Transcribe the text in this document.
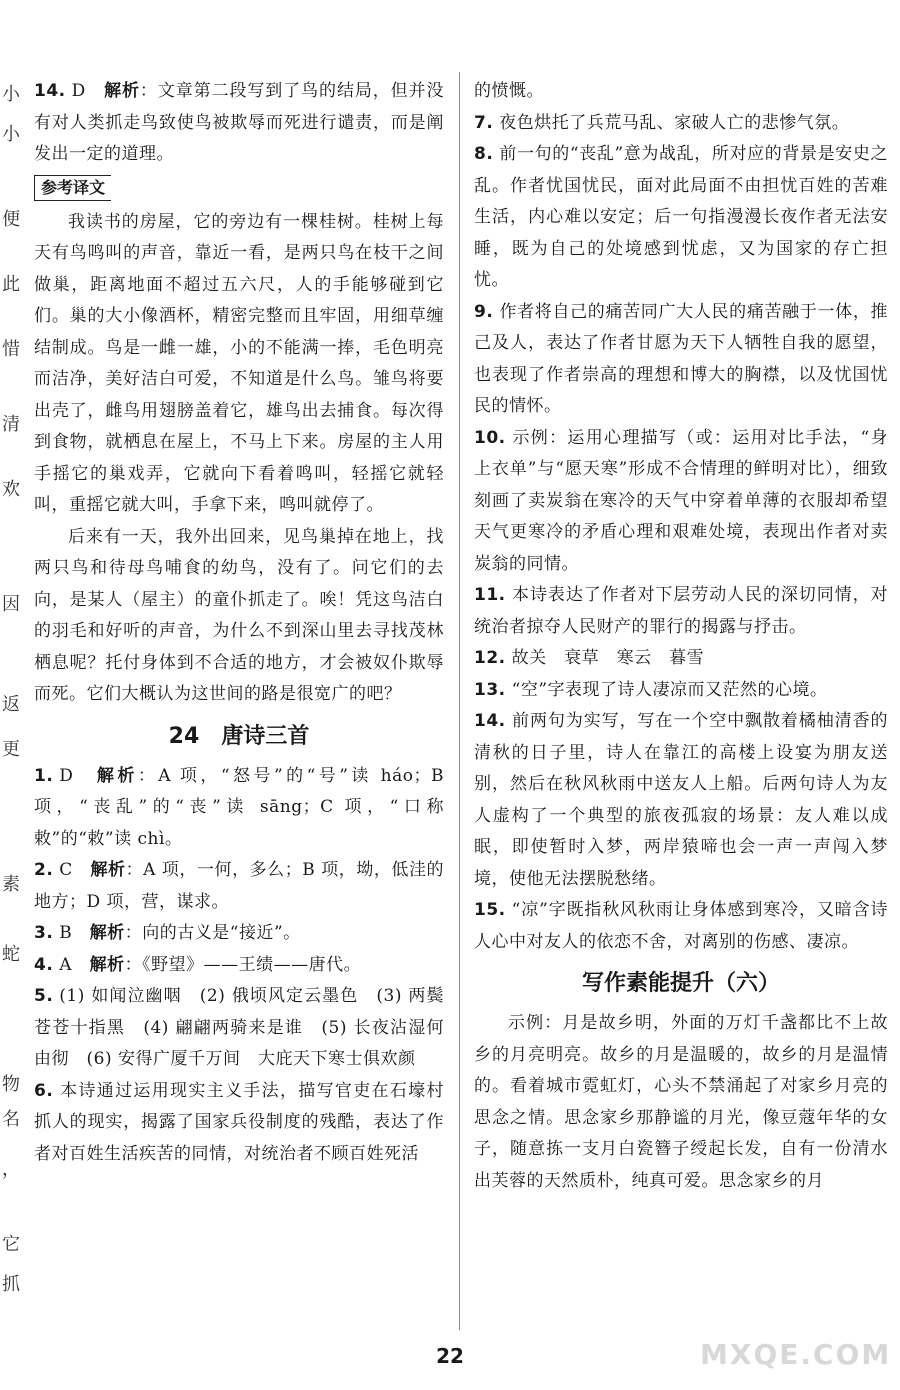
小
小
便
此
惜
清
欢
因
返
更
素
蛇
物
名
，
它
抓

14. D　 解析：文章第二段写到了鸟的结局，但并没有对人类抓走鸟致使鸟被欺辱而死进行谴责，而是阐发出一定的道理。

参考译文

我读书的房屋，它的旁边有一棵桂树。桂树上每天有鸟鸣叫的声音，靠近一看，是两只鸟在枝干之间做巢，距离地面不超过五六尺，人的手能够碰到它们。巢的大小像酒杯，精密完整而且牢固，用细草缠结制成。鸟是一雌一雄，小的不能满一捧，毛色明亮而洁净，美好洁白可爱，不知道是什么鸟。雏鸟将要出壳了，雌鸟用翅膀盖着它，雄鸟出去捕食。每次得到食物，就栖息在屋上，不马上下来。房屋的主人用手摇它的巢戏弄，它就向下看着鸣叫，轻摇它就轻叫，重摇它就大叫，手拿下来，鸣叫就停了。

后来有一天，我外出回来，见鸟巢掉在地上，找两只鸟和待母鸟哺食的幼鸟，没有了。问它们的去向，是某人（屋主）的童仆抓走了。唉！凭这鸟洁白的羽毛和好听的声音，为什么不到深山里去寻找茂林栖息呢？托付身体到不合适的地方，才会被奴仆欺辱而死。它们大概认为这世间的路是很宽广的吧？

24　 唐诗三首

1. D　 解析：A 项，“怒号”的“号”读 háo；B 项，“丧乱”的“丧”读 sāng；C 项，“口称敕”的“敕”读 chì。

2. C　 解析：A 项，一何，多么；B 项，坳，低洼的地方；D 项，营，谋求。

3. B　 解析：向的古义是“接近”。

4. A　 解析：《野望》——王绩——唐代。

5. (1) 如闻泣幽咽　(2) 俄顷风定云墨色　(3) 两鬓苍苍十指黑　(4) 翩翩两骑来是谁　(5) 长夜沾湿何由彻　(6) 安得广厦千万间　大庇天下寒士俱欢颜

6. 本诗通过运用现实主义手法，描写官吏在石壕村抓人的现实，揭露了国家兵役制度的残酷，表达了作者对百姓生活疾苦的同情，对统治者不顾百姓死活

的愤慨。

7. 夜色烘托了兵荒马乱、家破人亡的悲惨气氛。

8. 前一句的“丧乱”意为战乱，所对应的背景是安史之乱。作者忧国忧民，面对此局面不由担忧百姓的苦难生活，内心难以安定；后一句指漫漫长夜作者无法安睡，既为自己的处境感到忧虑，又为国家的存亡担忧。

9. 作者将自己的痛苦同广大人民的痛苦融于一体，推己及人，表达了作者甘愿为天下人牺牲自我的愿望，也表现了作者崇高的理想和博大的胸襟，以及忧国忧民的情怀。

10. 示例：运用心理描写（或：运用对比手法，“身上衣单”与“愿天寒”形成不合情理的鲜明对比），细致刻画了卖炭翁在寒冷的天气中穿着单薄的衣服却希望天气更寒冷的矛盾心理和艰难处境，表现出作者对卖炭翁的同情。

11. 本诗表达了作者对下层劳动人民的深切同情，对统治者掠夺人民财产的罪行的揭露与抒击。

12. 故关　衰草　寒云　暮雪

13. “空”字表现了诗人凄凉而又茫然的心境。

14. 前两句为实写，写在一个空中飘散着橘柚清香的清秋的日子里，诗人在靠江的高楼上设宴为朋友送别，然后在秋风秋雨中送友人上船。后两句诗人为友人虚构了一个典型的旅夜孤寂的场景：友人难以成眠，即使暂时入梦，两岸猿啼也会一声一声闯入梦境，使他无法摆脱愁绪。

15. “凉”字既指秋风秋雨让身体感到寒冷，又暗含诗人心中对友人的依恋不舍，对离别的伤感、凄凉。

写作素能提升（六）

示例：月是故乡明，外面的万灯千盏都比不上故乡的月亮明亮。故乡的月是温暖的，故乡的月是温情的。看着城市霓虹灯，心头不禁涌起了对家乡月亮的思念之情。思念家乡那静谧的月光，像豆蔻年华的女子，随意拣一支月白瓷簪子绶起长发，自有一份清水出芙蓉的天然质朴，纯真可爱。思念家乡的月

22	MXQE.COM
